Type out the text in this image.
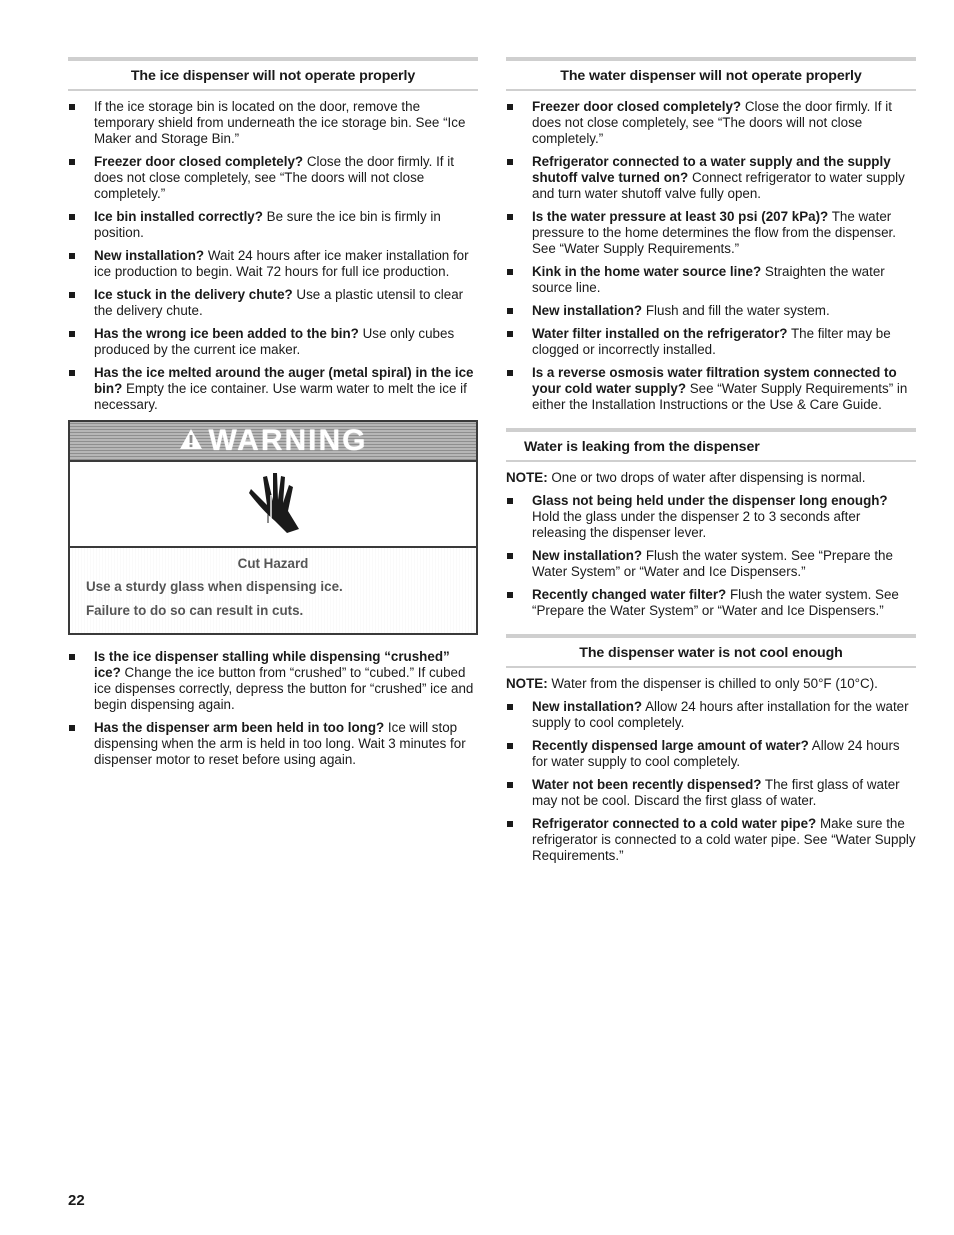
The ice dispenser will not operate properly
If the ice storage bin is located on the door, remove the temporary shield from underneath the ice storage bin. See “Ice Maker and Storage Bin.”
Freezer door closed completely? Close the door firmly. If it does not close completely, see “The doors will not close completely.”
Ice bin installed correctly? Be sure the ice bin is firmly in position.
New installation? Wait 24 hours after ice maker installation for ice production to begin. Wait 72 hours for full ice production.
Ice stuck in the delivery chute? Use a plastic utensil to clear the delivery chute.
Has the wrong ice been added to the bin? Use only cubes produced by the current ice maker.
Has the ice melted around the auger (metal spiral) in the ice bin? Empty the ice container. Use warm water to melt the ice if necessary.
WARNING
Cut Hazard
Use a sturdy glass when dispensing ice.
Failure to do so can result in cuts.
Is the ice dispenser stalling while dispensing “crushed” ice? Change the ice button from “crushed” to “cubed.” If cubed ice dispenses correctly, depress the button for “crushed” ice and begin dispensing again.
Has the dispenser arm been held in too long? Ice will stop dispensing when the arm is held in too long. Wait 3 minutes for dispenser motor to reset before using again.
The water dispenser will not operate properly
Freezer door closed completely? Close the door firmly. If it does not close completely, see “The doors will not close completely.”
Refrigerator connected to a water supply and the supply shutoff valve turned on? Connect refrigerator to water supply and turn water shutoff valve fully open.
Is the water pressure at least 30 psi (207 kPa)? The water pressure to the home determines the flow from the dispenser. See “Water Supply Requirements.”
Kink in the home water source line? Straighten the water source line.
New installation? Flush and fill the water system.
Water filter installed on the refrigerator? The filter may be clogged or incorrectly installed.
Is a reverse osmosis water filtration system connected to your cold water supply? See “Water Supply Requirements” in either the Installation Instructions or the Use & Care Guide.
Water is leaking from the dispenser

NOTE: One or two drops of water after dispensing is normal.

Glass not being held under the dispenser long enough? Hold the glass under the dispenser 2 to 3 seconds after releasing the dispenser lever.
New installation? Flush the water system. See “Prepare the Water System” or “Water and Ice Dispensers.”
Recently changed water filter? Flush the water system. See “Prepare the Water System” or “Water and Ice Dispensers.”
The dispenser water is not cool enough

NOTE: Water from the dispenser is chilled to only 50°F (10°C).

New installation? Allow 24 hours after installation for the water supply to cool completely.
Recently dispensed large amount of water? Allow 24 hours for water supply to cool completely.
Water not been recently dispensed? The first glass of water may not be cool. Discard the first glass of water.
Refrigerator connected to a cold water pipe? Make sure the refrigerator is connected to a cold water pipe. See “Water Supply Requirements.”
22
